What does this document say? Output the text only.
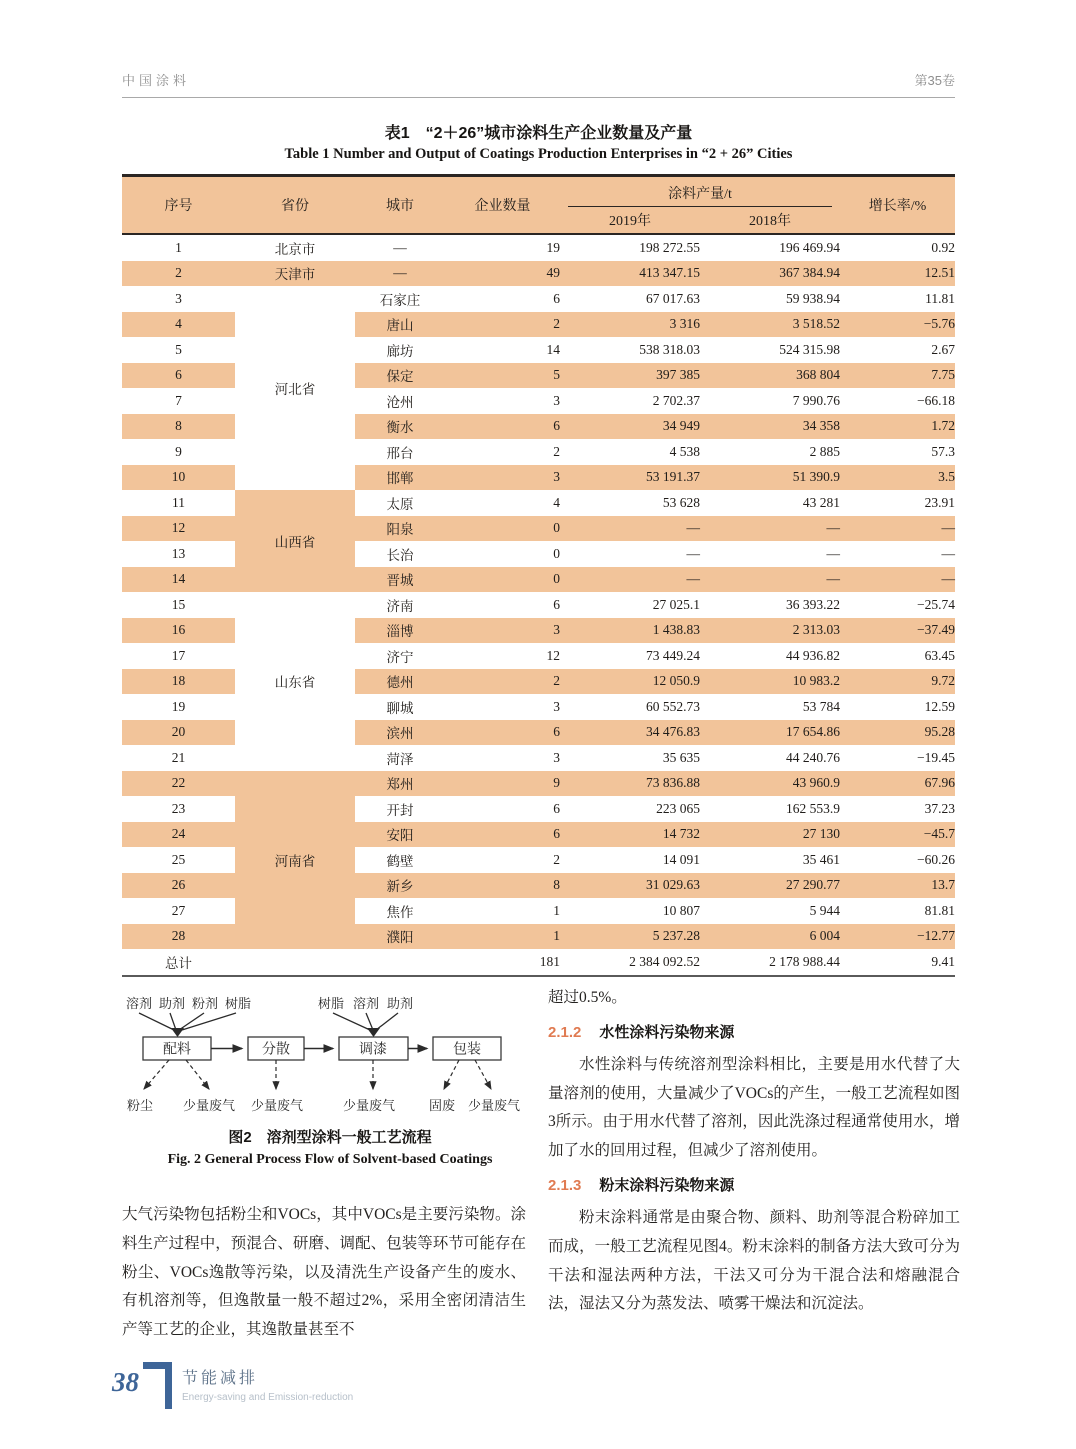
中国涂料	第35卷
表1　“2＋26”城市涂料生产企业数量及产量
Table 1 Number and Output of Coatings Production Enterprises in “2 + 26” Cities
序号	省份	城市	企业数量	涂料产量/t		增长率/%
				2019年	2018年	
1	北京市	—	19	198 272.55	196 469.94	0.92
2	天津市	—	49	413 347.15	367 384.94	12.51
3	河北省	石家庄	6	67 017.63	59 938.94	11.81
4		唐山	2	3 316	3 518.52	−5.76
5		廊坊	14	538 318.03	524 315.98	2.67
6		保定	5	397 385	368 804	7.75
7		沧州	3	2 702.37	7 990.76	−66.18
8		衡水	6	34 949	34 358	1.72
9		邢台	2	4 538	2 885	57.3
10		邯郸	3	53 191.37	51 390.9	3.5
11	山西省	太原	4	53 628	43 281	23.91
12		阳泉	0	—	—	—
13		长治	0	—	—	—
14		晋城	0	—	—	—
15	山东省	济南	6	27 025.1	36 393.22	−25.74
16		淄博	3	1 438.83	2 313.03	−37.49
17		济宁	12	73 449.24	44 936.82	63.45
18		德州	2	12 050.9	10 983.2	9.72
19		聊城	3	60 552.73	53 784	12.59
20		滨州	6	34 476.83	17 654.86	95.28
21		菏泽	3	35 635	44 240.76	−19.45
22	河南省	郑州	9	73 836.88	43 960.9	67.96
23		开封	6	223 065	162 553.9	37.23
24		安阳	6	14 732	27 130	−45.7
25		鹤壁	2	14 091	35 461	−60.26
26		新乡	8	31 029.63	27 290.77	13.7
27		焦作	1	10 807	5 944	81.81
28		濮阳	1	5 237.28	6 004	−12.77
总计			181	2 384 092.52	2 178 988.44	9.41
溶剂 助剂 粉剂 树脂	树脂 溶剂 助剂
配料	分散	调漆	包装
粉尘 少量废气 少量废气	少量废气	固废 少量废气
图2　溶剂型涂料一般工艺流程
Fig. 2 General Process Flow of Solvent-based Coatings

大气污染物包括粉尘和VOCs，其中VOCs是主要污染物。涂料生产过程中，预混合、研磨、调配、包装等环节可能存在粉尘、VOCs逸散等污染，以及清洗生产设备产生的废水、有机溶剂等，但逸散量一般不超过2%，采用全密闭清洁生产等工艺的企业，其逸散量甚至不

超过0.5%。

2.1.2 水性涂料污染物来源

水性涂料与传统溶剂型涂料相比，主要是用水代替了大量溶剂的使用，大量减少了VOCs的产生，一般工艺流程如图3所示。由于用水代替了溶剂，因此洗涤过程通常使用水，增加了水的回用过程，但减少了溶剂使用。

2.1.3 粉末涂料污染物来源

粉末涂料通常是由聚合物、颜料、助剂等混合粉碎加工而成，一般工艺流程见图4。粉末涂料的制备方法大致可分为干法和湿法两种方法，干法又可分为干混合法和熔融混合法，湿法又分为蒸发法、喷雾干燥法和沉淀法。

38	节能减排
Energy-saving and Emission-reduction
